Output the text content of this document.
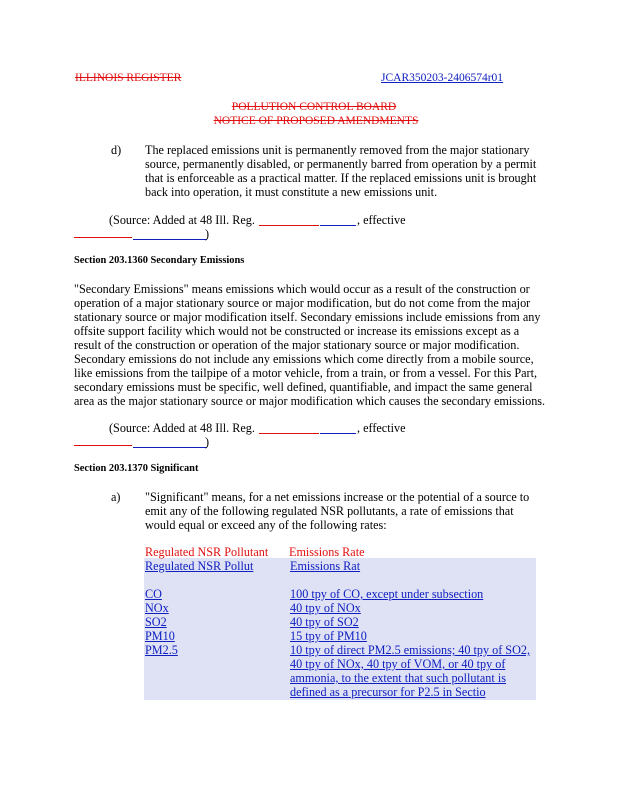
ILLINOIS REGISTER	JCAR350203-2406574r01
POLLUTION CONTROL BOARD
NOTICE OF PROPOSED AMENDMENTS
d) The replaced emissions unit is permanently removed from the major stationary
source, permanently disabled, or permanently barred from operation by a permit
that is enforceable as a practical matter. If the replaced emissions unit is brought
back into operation, it must constitute a new emissions unit.
(Source: Added at 48 Ill. Reg.	, effective
)
Section 203.1360 Secondary Emissions
"Secondary Emissions" means emissions which would occur as a result of the construction or
operation of a major stationary source or major modification, but do not come from the major
stationary source or major modification itself. Secondary emissions include emissions from any
offsite support facility which would not be constructed or increase its emissions except as a
result of the construction or operation of the major stationary source or major modification.
Secondary emissions do not include any emissions which come directly from a mobile source,
like emissions from the tailpipe of a motor vehicle, from a train, or from a vessel. For this Part,
secondary emissions must be specific, well defined, quantifiable, and impact the same general
area as the major stationary source or major modification which causes the secondary emissions.
(Source: Added at 48 Ill. Reg.	, effective
)
Section 203.1370 Significant
a) "Significant" means, for a net emissions increase or the potential of a source to
emit any of the following regulated NSR pollutants, a rate of emissions that
would equal or exceed any of the following rates:
Regulated NSR Pollutant Emissions Rate
Regulated NSR Pollut	Emissions Rat
CO	100 tpy of CO, except under subsection
NOx	40 tpy of NOx
SO2	40 tpy of SO2
PM10	15 tpy of PM10
PM2.5	10 tpy of direct PM2.5 emissions; 40 tpy of SO2,
40 tpy of NOx, 40 tpy of VOM, or 40 tpy of
ammonia, to the extent that such pollutant is
defined as a precursor for P2.5 in Sectio
